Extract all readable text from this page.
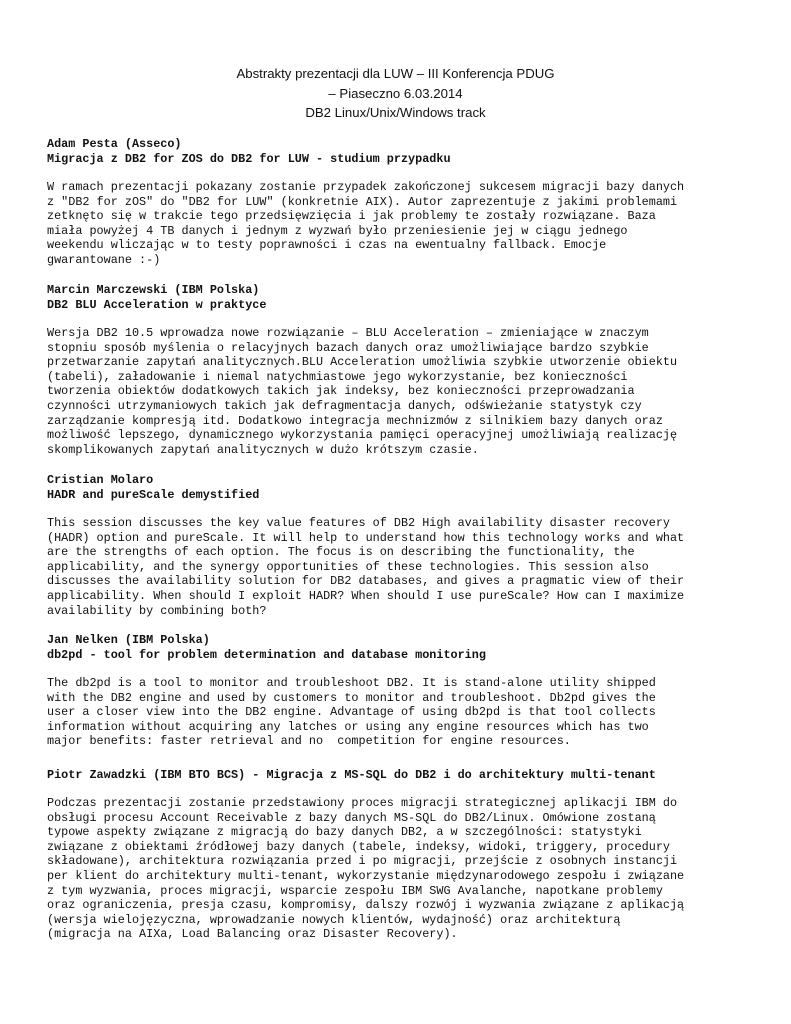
Abstrakty prezentacji dla LUW – III Konferencja PDUG
– Piaseczno 6.03.2014
DB2 Linux/Unix/Windows track
Adam Pesta (Asseco)
Migracja z DB2 for ZOS do DB2 for LUW - studium przypadku
W ramach prezentacji pokazany zostanie przypadek zakończonej sukcesem migracji bazy danych
z "DB2 for zOS" do "DB2 for LUW" (konkretnie AIX). Autor zaprezentuje z jakimi problemami
zetknęto się w trakcie tego przedsięwzięcia i jak problemy te zostały rozwiązane. Baza
miała powyżej 4 TB danych i jednym z wyzwań było przeniesienie jej w ciągu jednego
weekendu wliczając w to testy poprawności i czas na ewentualny fallback. Emocje
gwarantowane :-)
Marcin Marczewski (IBM Polska)
DB2 BLU Acceleration w praktyce
Wersja DB2 10.5 wprowadza nowe rozwiązanie – BLU Acceleration – zmieniające w znaczym
stopniu sposób myślenia o relacyjnych bazach danych oraz umożliwiające bardzo szybkie
przetwarzanie zapytań analitycznych.BLU Acceleration umożliwia szybkie utworzenie obiektu
(tabeli), załadowanie i niemal natychmiastowe jego wykorzystanie, bez konieczności
tworzenia obiektów dodatkowych takich jak indeksy, bez konieczności przeprowadzania
czynności utrzymaniowych takich jak defragmentacja danych, odświeżanie statystyk czy
zarządzanie kompresją itd. Dodatkowo integracja mechnizmów z silnikiem bazy danych oraz
możliwość lepszego, dynamicznego wykorzystania pamięci operacyjnej umożliwiają realizację
skomplikowanych zapytań analitycznych w dużo krótszym czasie.
Cristian Molaro
HADR and pureScale demystified
This session discusses the key value features of DB2 High availability disaster recovery
(HADR) option and pureScale. It will help to understand how this technology works and what
are the strengths of each option. The focus is on describing the functionality, the
applicability, and the synergy opportunities of these technologies. This session also
discusses the availability solution for DB2 databases, and gives a pragmatic view of their
applicability. When should I exploit HADR? When should I use pureScale? How can I maximize
availability by combining both?
Jan Nelken (IBM Polska)
db2pd - tool for problem determination and database monitoring
The db2pd is a tool to monitor and troubleshoot DB2. It is stand-alone utility shipped
with the DB2 engine and used by customers to monitor and troubleshoot. Db2pd gives the
user a closer view into the DB2 engine. Advantage of using db2pd is that tool collects
information without acquiring any latches or using any engine resources which has two
major benefits: faster retrieval and no  competition for engine resources.
Piotr Zawadzki (IBM BTO BCS) - Migracja z MS-SQL do DB2 i do architektury multi-tenant
Podczas prezentacji zostanie przedstawiony proces migracji strategicznej aplikacji IBM do
obsługi procesu Account Receivable z bazy danych MS-SQL do DB2/Linux. Omówione zostaną
typowe aspekty związane z migracją do bazy danych DB2, a w szczególności: statystyki
związane z obiektami źródłowej bazy danych (tabele, indeksy, widoki, triggery, procedury
składowane), architektura rozwiązania przed i po migracji, przejście z osobnych instancji
per klient do architektury multi-tenant, wykorzystanie międzynarodowego zespołu i związane
z tym wyzwania, proces migracji, wsparcie zespołu IBM SWG Avalanche, napotkane problemy
oraz ograniczenia, presja czasu, kompromisy, dalszy rozwój i wyzwania związane z aplikacją
(wersja wielojęzyczna, wprowadzanie nowych klientów, wydajność) oraz architekturą
(migracja na AIXa, Load Balancing oraz Disaster Recovery).
